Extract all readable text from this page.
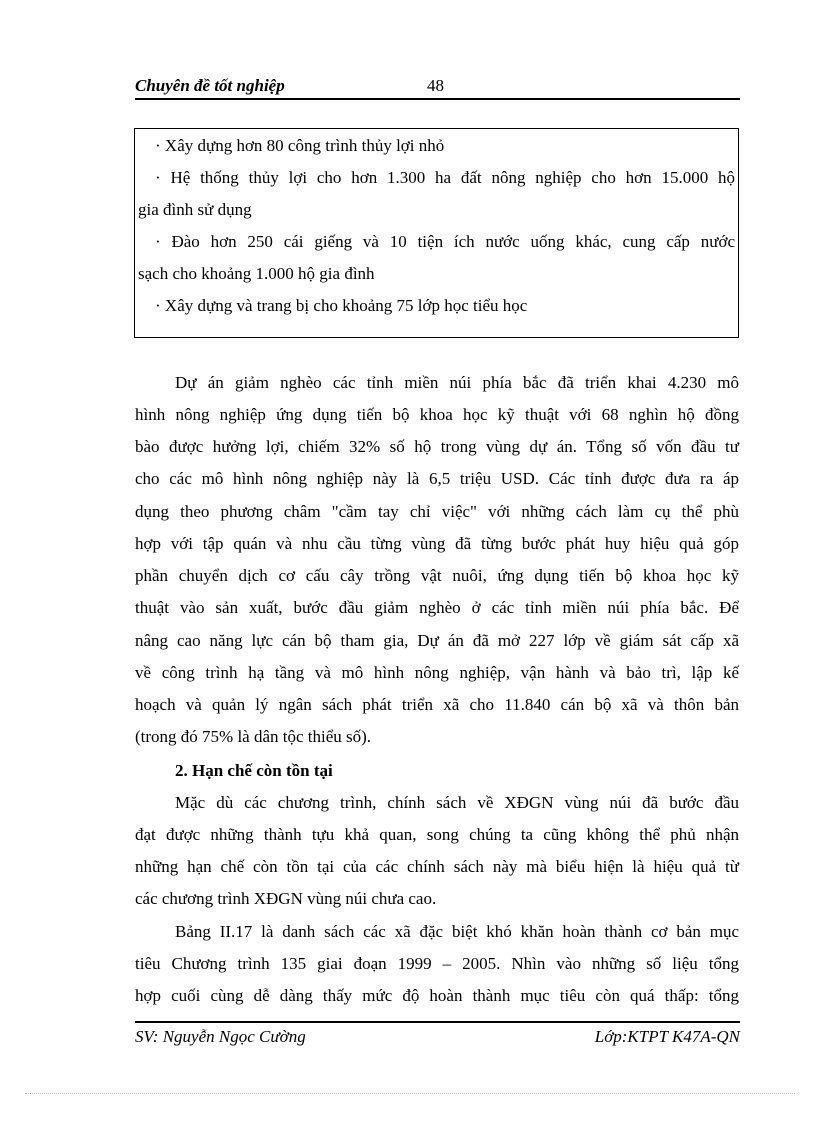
Chuyên đề tốt nghiệp	48
· Xây dựng hơn 80 công trình thủy lợi nhỏ
· Hệ thống thủy lợi cho hơn 1.300 ha đất nông nghiệp cho hơn 15.000 hộ
gia đình sử dụng
· Đào hơn 250 cái giếng và 10 tiện ích nước uống khác, cung cấp nước
sạch cho khoảng 1.000 hộ gia đình
· Xây dựng và trang bị cho khoảng 75 lớp học tiểu học
Dự án giảm nghèo các tỉnh miền núi phía bắc đã triển khai 4.230 mô
hình nông nghiệp ứng dụng tiến bộ khoa học kỹ thuật với 68 nghìn hộ đồng
bào được hưởng lợi, chiếm 32% số hộ trong vùng dự án. Tổng số vốn đầu tư
cho các mô hình nông nghiệp này là 6,5 triệu USD. Các tỉnh được đưa ra áp
dụng theo phương châm "cầm tay chỉ việc" với những cách làm cụ thể phù
hợp với tập quán và nhu cầu từng vùng đã từng bước phát huy hiệu quả góp
phần chuyển dịch cơ cấu cây trồng vật nuôi, ứng dụng tiến bộ khoa học kỹ
thuật vào sản xuất, bước đầu giảm nghèo ở các tỉnh miền núi phía bắc. Để
nâng cao năng lực cán bộ tham gia, Dự án đã mở 227 lớp về giám sát cấp xã
về công trình hạ tầng và mô hình nông nghiệp, vận hành và bảo trì, lập kế
hoạch và quản lý ngân sách phát triển xã cho 11.840 cán bộ xã và thôn bản
(trong đó 75% là dân tộc thiểu số).
2. Hạn chế còn tồn tại
Mặc dù các chương trình, chính sách về XĐGN vùng núi đã bước đầu
đạt được những thành tựu khả quan, song chúng ta cũng không thể phủ nhận
những hạn chế còn tồn tại của các chính sách này mà biểu hiện là hiệu quả từ
các chương trình XĐGN vùng núi chưa cao.
Bảng II.17 là danh sách các xã đặc biệt khó khăn hoàn thành cơ bản mục
tiêu Chương trình 135 giai đoạn 1999 – 2005. Nhìn vào những số liệu tổng
hợp cuối cùng dễ dàng thấy mức độ hoàn thành mục tiêu còn quá thấp: tổng
SV: Nguyễn Ngọc Cường	Lớp:KTPT K47A-QN
